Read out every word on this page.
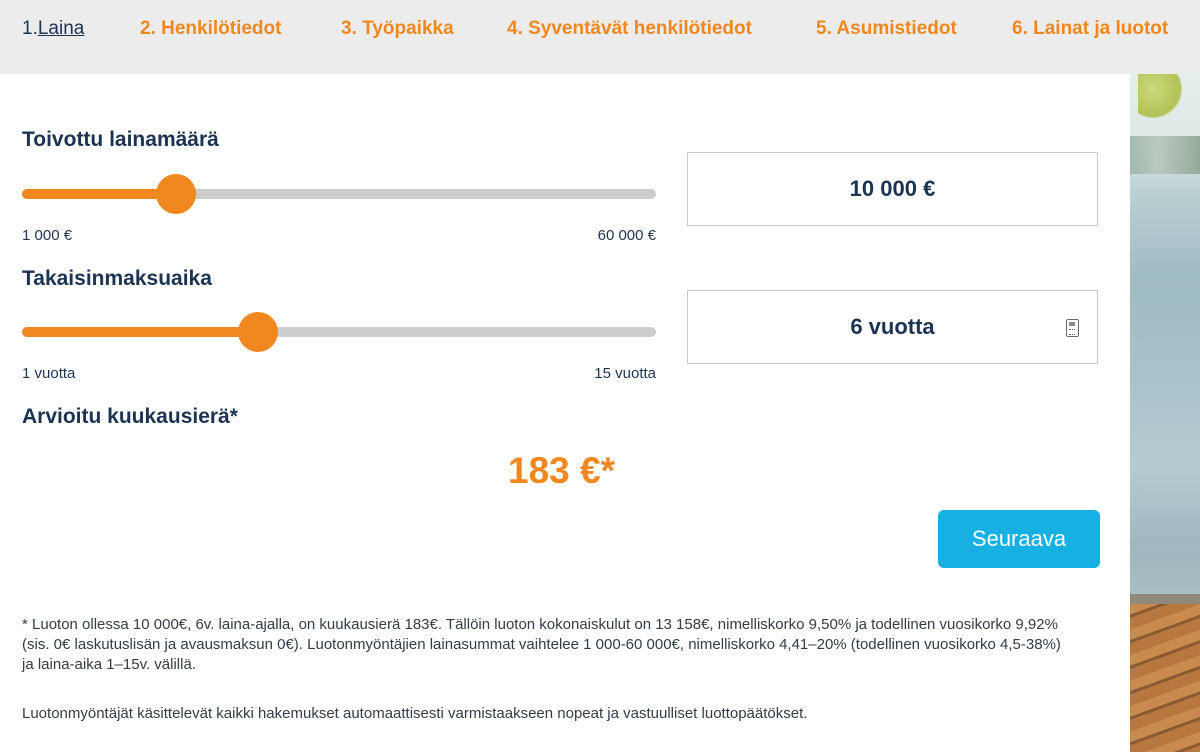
1.Laina	2. Henkilötiedot	3. Työpaikka	4. Syventävät henkilötiedot	5. Asumistiedot	6. Lainat ja luotot
Toivottu lainamäärä
1 000 €	60 000 €
10 000 €
Takaisinmaksuaika
1 vuotta	15 vuotta
6 vuotta
Arvioitu kuukausierä*
183 €*
Seuraava
* Luoton ollessa 10 000€, 6v. laina-ajalla, on kuukausierä 183€. Tällöin luoton kokonaiskulut on 13 158€, nimelliskorko 9,50% ja todellinen vuosikorko 9,92% (sis. 0€ laskutuslisän ja avausmaksun 0€). Luotonmyöntäjien lainasummat vaihtelee 1 000-60 000€, nimelliskorko 4,41–20% (todellinen vuosikorko 4,5-38%) ja laina-aika 1–15v. välillä.
Luotonmyöntäjät käsittelevät kaikki hakemukset automaattisesti varmistaakseen nopeat ja vastuulliset luottopäätökset.
